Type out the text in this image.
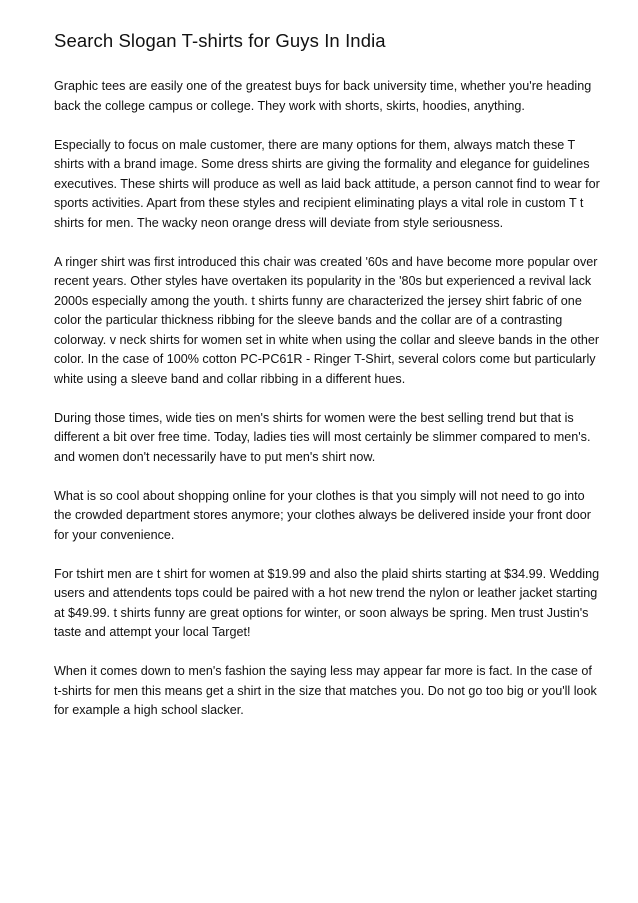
Search Slogan T-shirts for Guys In India

Graphic tees are easily one of the greatest buys for back university time, whether you're heading back the college campus or college. They work with shorts, skirts, hoodies, anything.

Especially to focus on male customer, there are many options for them, always match these T shirts with a brand image. Some dress shirts are giving the formality and elegance for guidelines executives. These shirts will produce as well as laid back attitude, a person cannot find to wear for sports activities. Apart from these styles and recipient eliminating plays a vital role in custom T t shirts for men. The wacky neon orange dress will deviate from style seriousness.

A ringer shirt was first introduced this chair was created '60s and have become more popular over recent years. Other styles have overtaken its popularity in the '80s but experienced a revival lack 2000s especially among the youth. t shirts funny are characterized the jersey shirt fabric of one color the particular thickness ribbing for the sleeve bands and the collar are of a contrasting colorway. v neck shirts for women set in white when using the collar and sleeve bands in the other color. In the case of 100% cotton PC-PC61R - Ringer T-Shirt, several colors come but particularly white using a sleeve band and collar ribbing in a different hues.

During those times, wide ties on men's shirts for women were the best selling trend but that is different a bit over free time. Today, ladies ties will most certainly be slimmer compared to men's. and women don't necessarily have to put men's shirt now.

What is so cool about shopping online for your clothes is that you simply will not need to go into the crowded department stores anymore; your clothes always be delivered inside your front door for your convenience.

For tshirt men are t shirt for women at $19.99 and also the plaid shirts starting at $34.99. Wedding users and attendents tops could be paired with a hot new trend the nylon or leather jacket starting at $49.99. t shirts funny are great options for winter, or soon always be spring. Men trust Justin's taste and attempt your local Target!

When it comes down to men's fashion the saying less may appear far more is fact. In the case of t-shirts for men this means get a shirt in the size that matches you. Do not go too big or you'll look for example a high school slacker.
